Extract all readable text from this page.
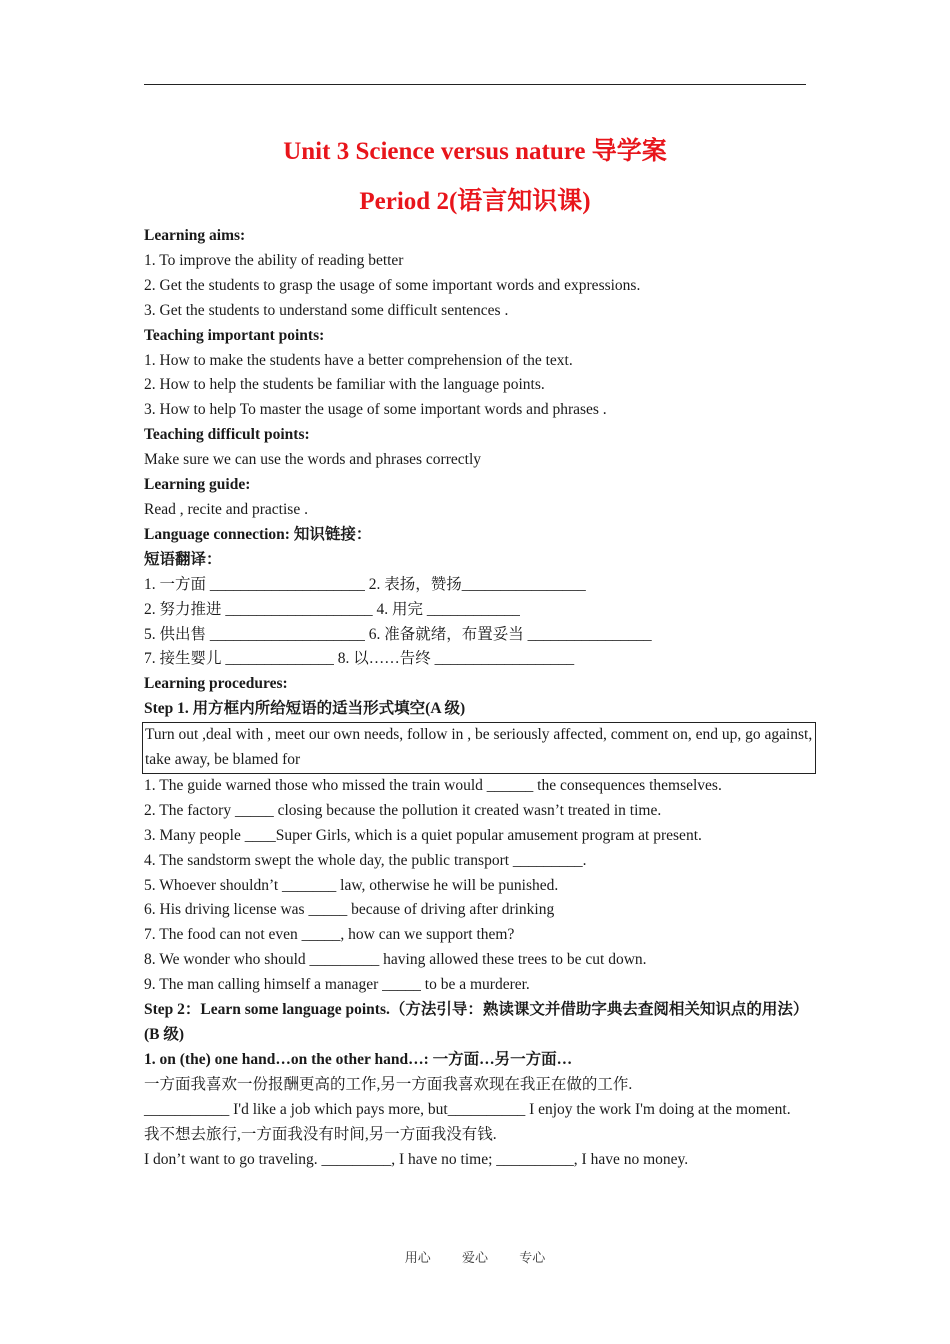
Unit 3 Science versus nature 导学案
Period 2(语言知识课)
Learning aims:
1. To improve the ability of reading better
2. Get the students to grasp the usage of some important words and expressions.
3. Get the students to understand some difficult sentences .
Teaching important points:
1. How to make the students have a better comprehension of the text.
2. How to help the students be familiar with the language points.
3. How to help To master the usage of some important words and phrases .
Teaching difficult points:
Make sure we can use the words and phrases correctly
Learning guide:
Read , recite and practise .
Language connection: 知识链接：
短语翻译：
1. 一方面 ____________________ 2. 表扬，赞扬________________
2. 努力推进 ___________________ 4. 用完 ____________
5. 供出售 ____________________ 6. 准备就绪，布置妥当 ________________
7. 接生婴儿 ______________ 8. 以……告终 __________________
Learning procedures:
Step 1. 用方框内所给短语的适当形式填空(A 级)
Turn out ,deal with , meet our own needs, follow in , be seriously affected, comment on, end up, go against, take away, be blamed for
1. The guide warned those who missed the train would ______ the consequences themselves.
2. The factory _____ closing because the pollution it created wasn’t treated in time.
3. Many people ____Super Girls, which is a quiet popular amusement program at present.
4. The sandstorm swept the whole day, the public transport _________.
5. Whoever shouldn’t _______ law, otherwise he will be punished.
6. His driving license was _____ because of driving after drinking
7. The food can not even _____, how can we support them?
8. We wonder who should _________ having allowed these trees to be cut down.
9. The man calling himself a manager _____ to be a murderer.
Step 2：Learn some language points.（方法引导：熟读课文并借助字典去查阅相关知识点的用法）(B 级)
1. on (the) one hand…on the other hand…: 一方面…另一方面…
一方面我喜欢一份报酬更高的工作,另一方面我喜欢现在我正在做的工作.
___________ I'd like a job which pays more, but__________ I enjoy the work I'm doing at the moment.
我不想去旅行,一方面我没有时间,另一方面我没有钱.
I don’t want to go traveling. _________, I have no time; __________, I have no money.
用心 爱心 专心
